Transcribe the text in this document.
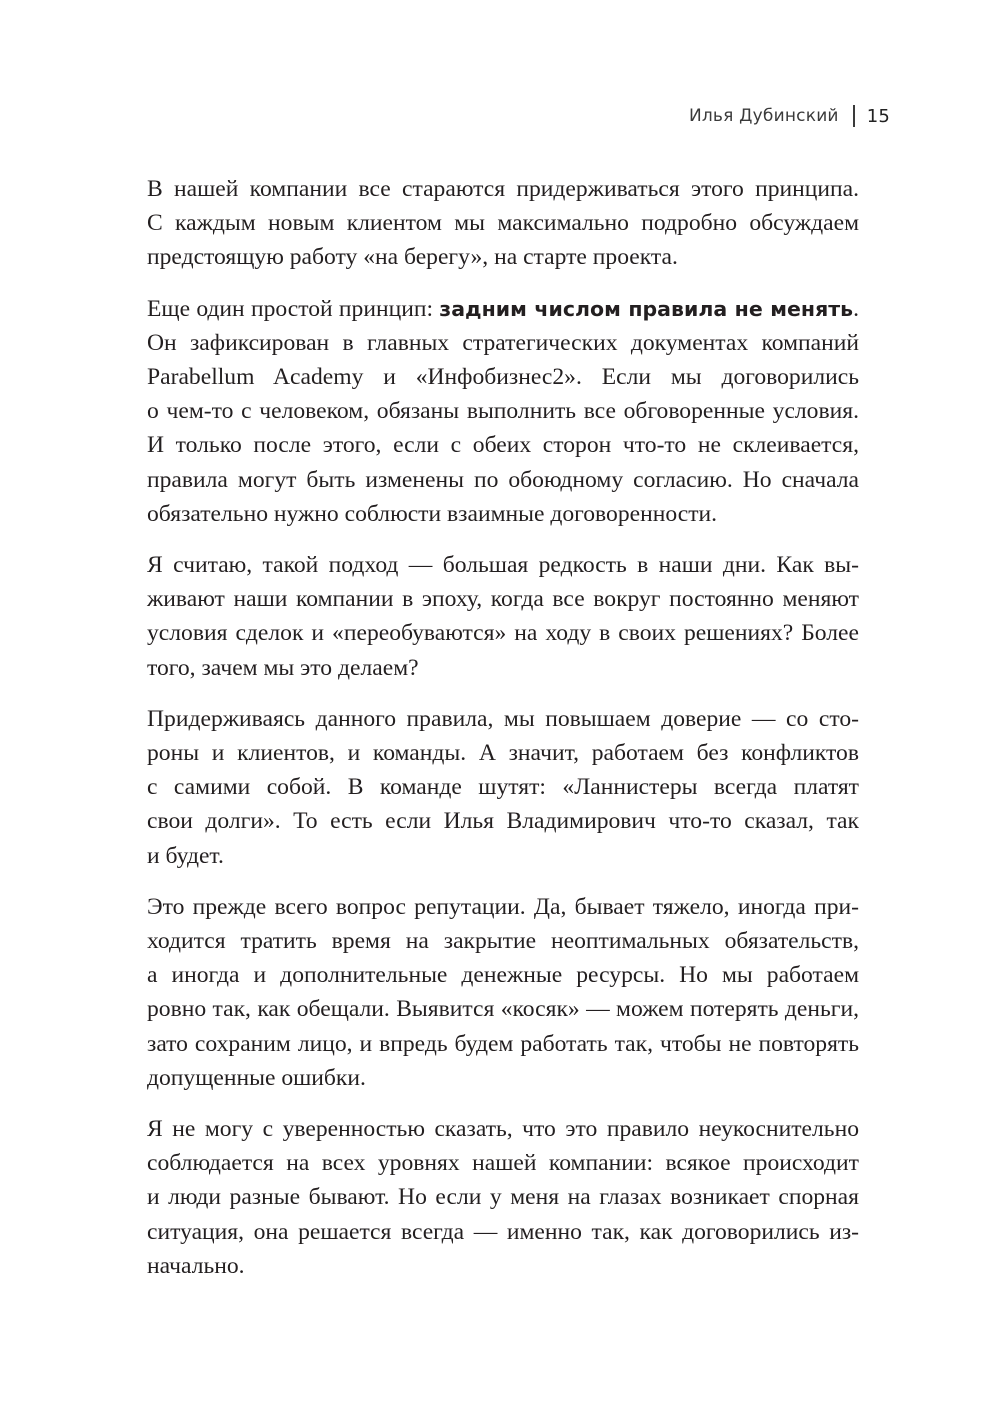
Илья Дубинский 15

В нашей компании все стараются придерживаться этого принципа.
С каждым новым клиентом мы максимально подробно обсуждаем
предстоящую работу «на берегу», на старте проекта.

Еще один простой принцип: задним числом правила не менять.
Он зафиксирован в главных стратегических документах компаний
Parabellum Academy и «Инфобизнес2». Если мы договорились
о чем-то с человеком, обязаны выполнить все обговоренные условия.
И только после этого, если с обеих сторон что-то не склеивается,
правила могут быть изменены по обоюдному согласию. Но сначала
обязательно нужно соблюсти взаимные договоренности.

Я считаю, такой подход — большая редкость в наши дни. Как вы-
живают наши компании в эпоху, когда все вокруг постоянно меняют
условия сделок и «переобуваются» на ходу в своих решениях? Более
того, зачем мы это делаем?

Придерживаясь данного правила, мы повышаем доверие — со сто-
роны и клиентов, и команды. А значит, работаем без конфликтов
с самими собой. В команде шутят: «Ланнистеры всегда платят
свои долги». То есть если Илья Владимирович что-то сказал, так
и будет.

Это прежде всего вопрос репутации. Да, бывает тяжело, иногда при-
ходится тратить время на закрытие неоптимальных обязательств,
а иногда и дополнительные денежные ресурсы. Но мы работаем
ровно так, как обещали. Выявится «косяк» — можем потерять деньги,
зато сохраним лицо, и впредь будем работать так, чтобы не повторять
допущенные ошибки.

Я не могу с уверенностью сказать, что это правило неукоснительно
соблюдается на всех уровнях нашей компании: всякое происходит
и люди разные бывают. Но если у меня на глазах возникает спорная
ситуация, она решается всегда — именно так, как договорились из-
начально.
